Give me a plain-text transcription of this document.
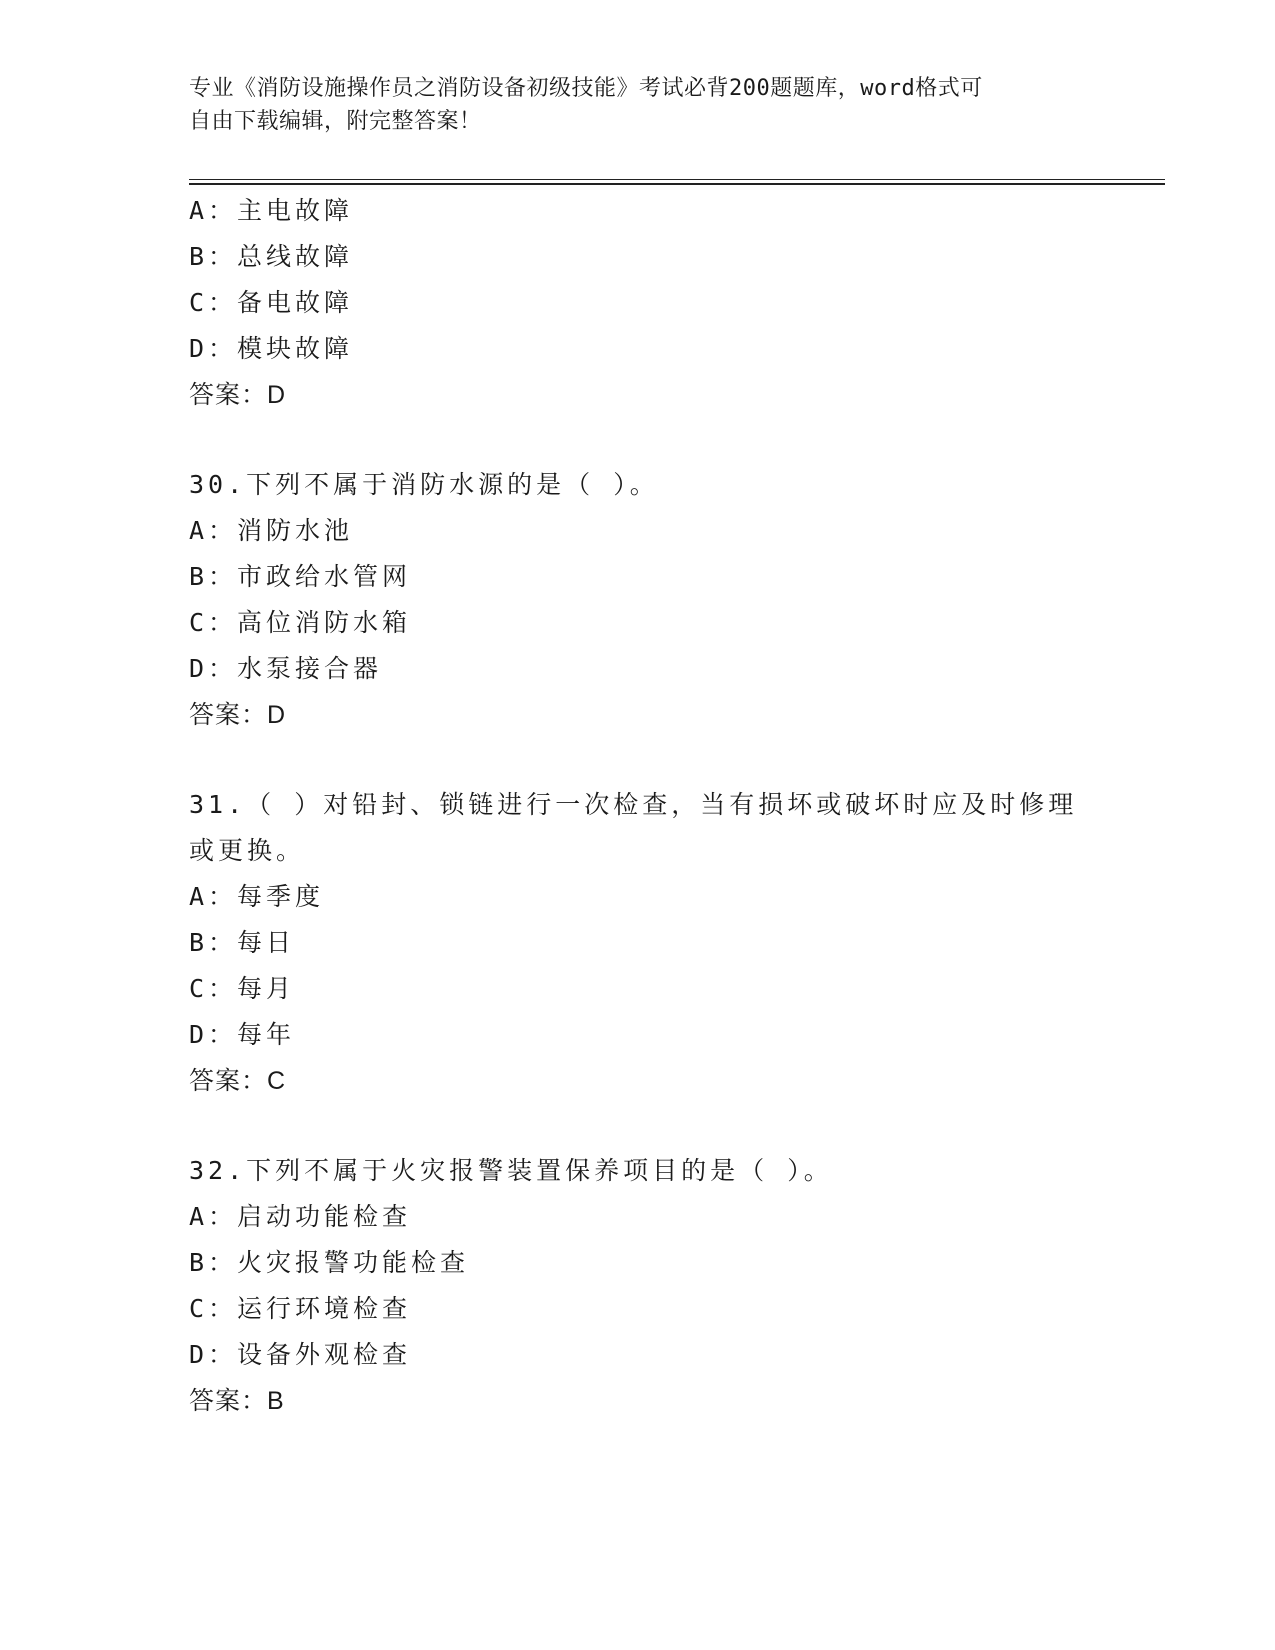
专业《消防设施操作员之消防设备初级技能》考试必背200题题库，word格式可
自由下载编辑，附完整答案！
A：主电故障
B：总线故障
C：备电故障
D：模块故障
答案：D
30.下列不属于消防水源的是（ ）。
A：消防水池
B：市政给水管网
C：高位消防水箱
D：水泵接合器
答案：D
31.（ ）对铅封、锁链进行一次检查，当有损坏或破坏时应及时修理
或更换。
A：每季度
B：每日
C：每月
D：每年
答案：C
32.下列不属于火灾报警装置保养项目的是（ ）。
A：启动功能检查
B：火灾报警功能检查
C：运行环境检查
D：设备外观检查
答案：B
